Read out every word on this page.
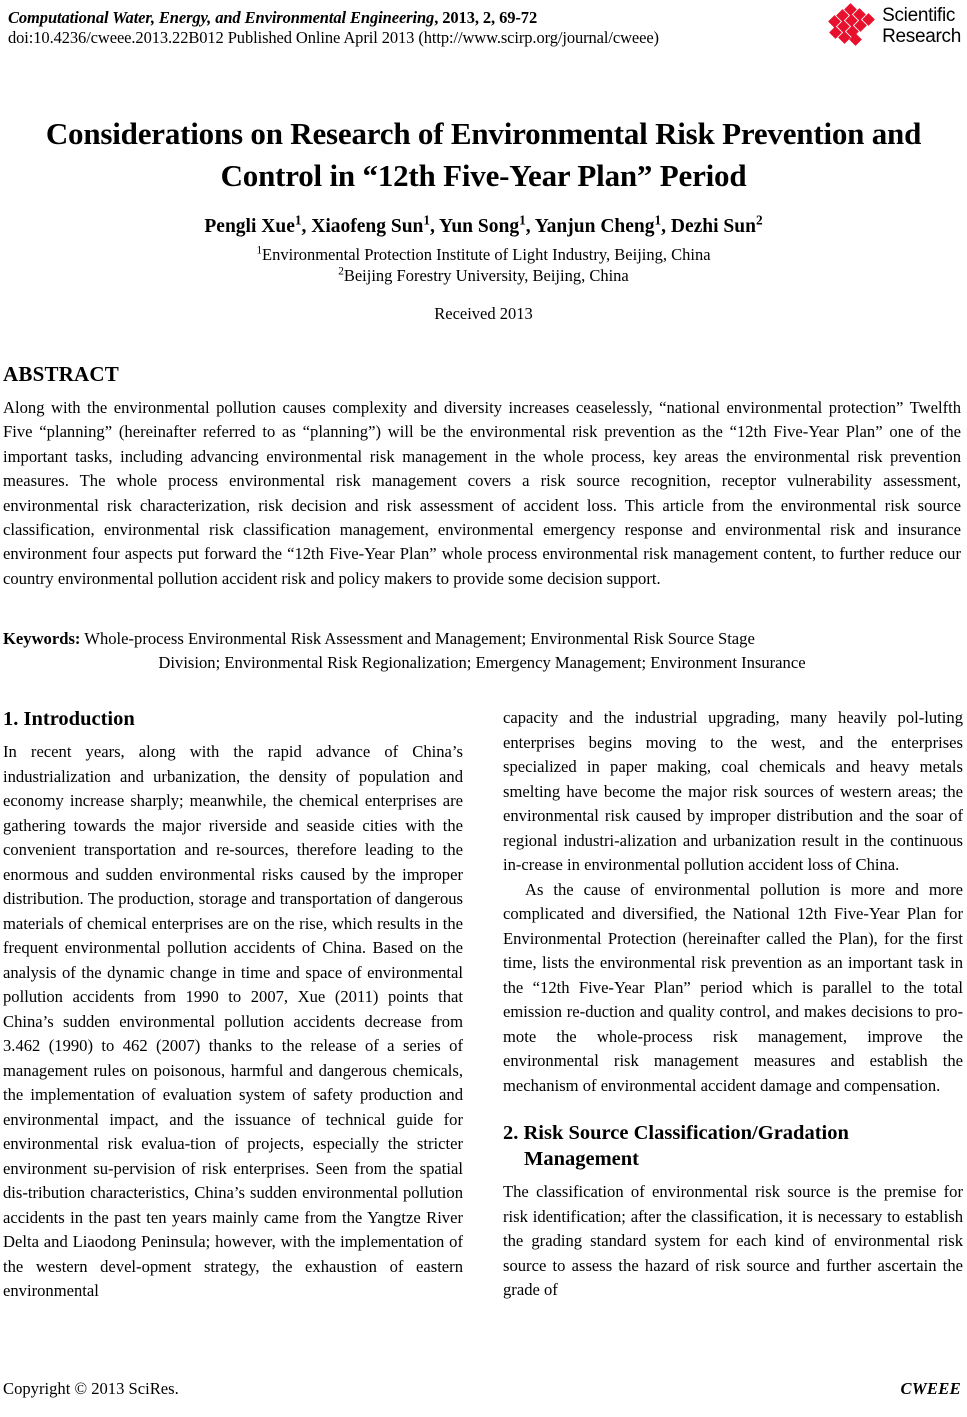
Computational Water, Energy, and Environmental Engineering, 2013, 2, 69-72
doi:10.4236/cweee.2013.22B012 Published Online April 2013 (http://www.scirp.org/journal/cweee)
Scientific
Research
Considerations on Research of Environmental Risk Prevention and Control in “12th Five-Year Plan” Period
Pengli Xue$^1$, Xiaofeng Sun$^1$, Yun Song$^1$, Yanjun Cheng$^1$, Dezhi Sun$^2$
$^1$Environmental Protection Institute of Light Industry, Beijing, China
$^2$Beijing Forestry University, Beijing, China
Received 2013
ABSTRACT
Along with the environmental pollution causes complexity and diversity increases ceaselessly, “national environmental protection” Twelfth Five “planning” (hereinafter referred to as “planning”) will be the environmental risk prevention as the “12th Five-Year Plan” one of the important tasks, including advancing environmental risk management in the whole process, key areas the environmental risk prevention measures. The whole process environmental risk management covers a risk source recognition, receptor vulnerability assessment, environmental risk characterization, risk decision and risk assessment of accident loss. This article from the environmental risk source classification, environmental risk classification management, environmental emergency response and environmental risk and insurance environment four aspects put forward the “12th Five-Year Plan” whole process environmental risk management content, to further reduce our country environmental pollution accident risk and policy makers to provide some decision support.
Keywords: Whole-process Environmental Risk Assessment and Management; Environmental Risk Source Stage
Division; Environmental Risk Regionalization; Emergency Management; Environment Insurance
1. Introduction

In recent years, along with the rapid advance of China’s industrialization and urbanization, the density of population and economy increase sharply; meanwhile, the chemical enterprises are gathering towards the major riverside and seaside cities with the convenient transportation and re-sources, therefore leading to the enormous and sudden environmental risks caused by the improper distribution. The production, storage and transportation of dangerous materials of chemical enterprises are on the rise, which results in the frequent environmental pollution accidents of China. Based on the analysis of the dynamic change in time and space of environmental pollution accidents from 1990 to 2007, Xue (2011) points that China’s sudden environmental pollution accidents decrease from 3.462 (1990) to 462 (2007) thanks to the release of a series of management rules on poisonous, harmful and dangerous chemicals, the implementation of evaluation system of safety production and environmental impact, and the issuance of technical guide for environmental risk evalua-tion of projects, especially the stricter environment su-pervision of risk enterprises. Seen from the spatial dis-tribution characteristics, China’s sudden environmental pollution accidents in the past ten years mainly came from the Yangtze River Delta and Liaodong Peninsula; however, with the implementation of the western devel-opment strategy, the exhaustion of eastern environmental

capacity and the industrial upgrading, many heavily pol-luting enterprises begins moving to the west, and the enterprises specialized in paper making, coal chemicals and heavy metals smelting have become the major risk sources of western areas; the environmental risk caused by improper distribution and the soar of regional industri-alization and urbanization result in the continuous in-crease in environmental pollution accident loss of China.

As the cause of environmental pollution is more and more complicated and diversified, the National 12th Five-Year Plan for Environmental Protection (hereinafter called the Plan), for the first time, lists the environmental risk prevention as an important task in the “12th Five-Year Plan” period which is parallel to the total emission re-duction and quality control, and makes decisions to pro-mote the whole-process risk management, improve the environmental risk management measures and establish the mechanism of environmental accident damage and compensation.

2. Risk Source Classification/Gradation Management

The classification of environmental risk source is the premise for risk identification; after the classification, it is necessary to establish the grading standard system for each kind of environmental risk source to assess the hazard of risk source and further ascertain the grade of

Copyright © 2013 SciRes.	CWEEE
